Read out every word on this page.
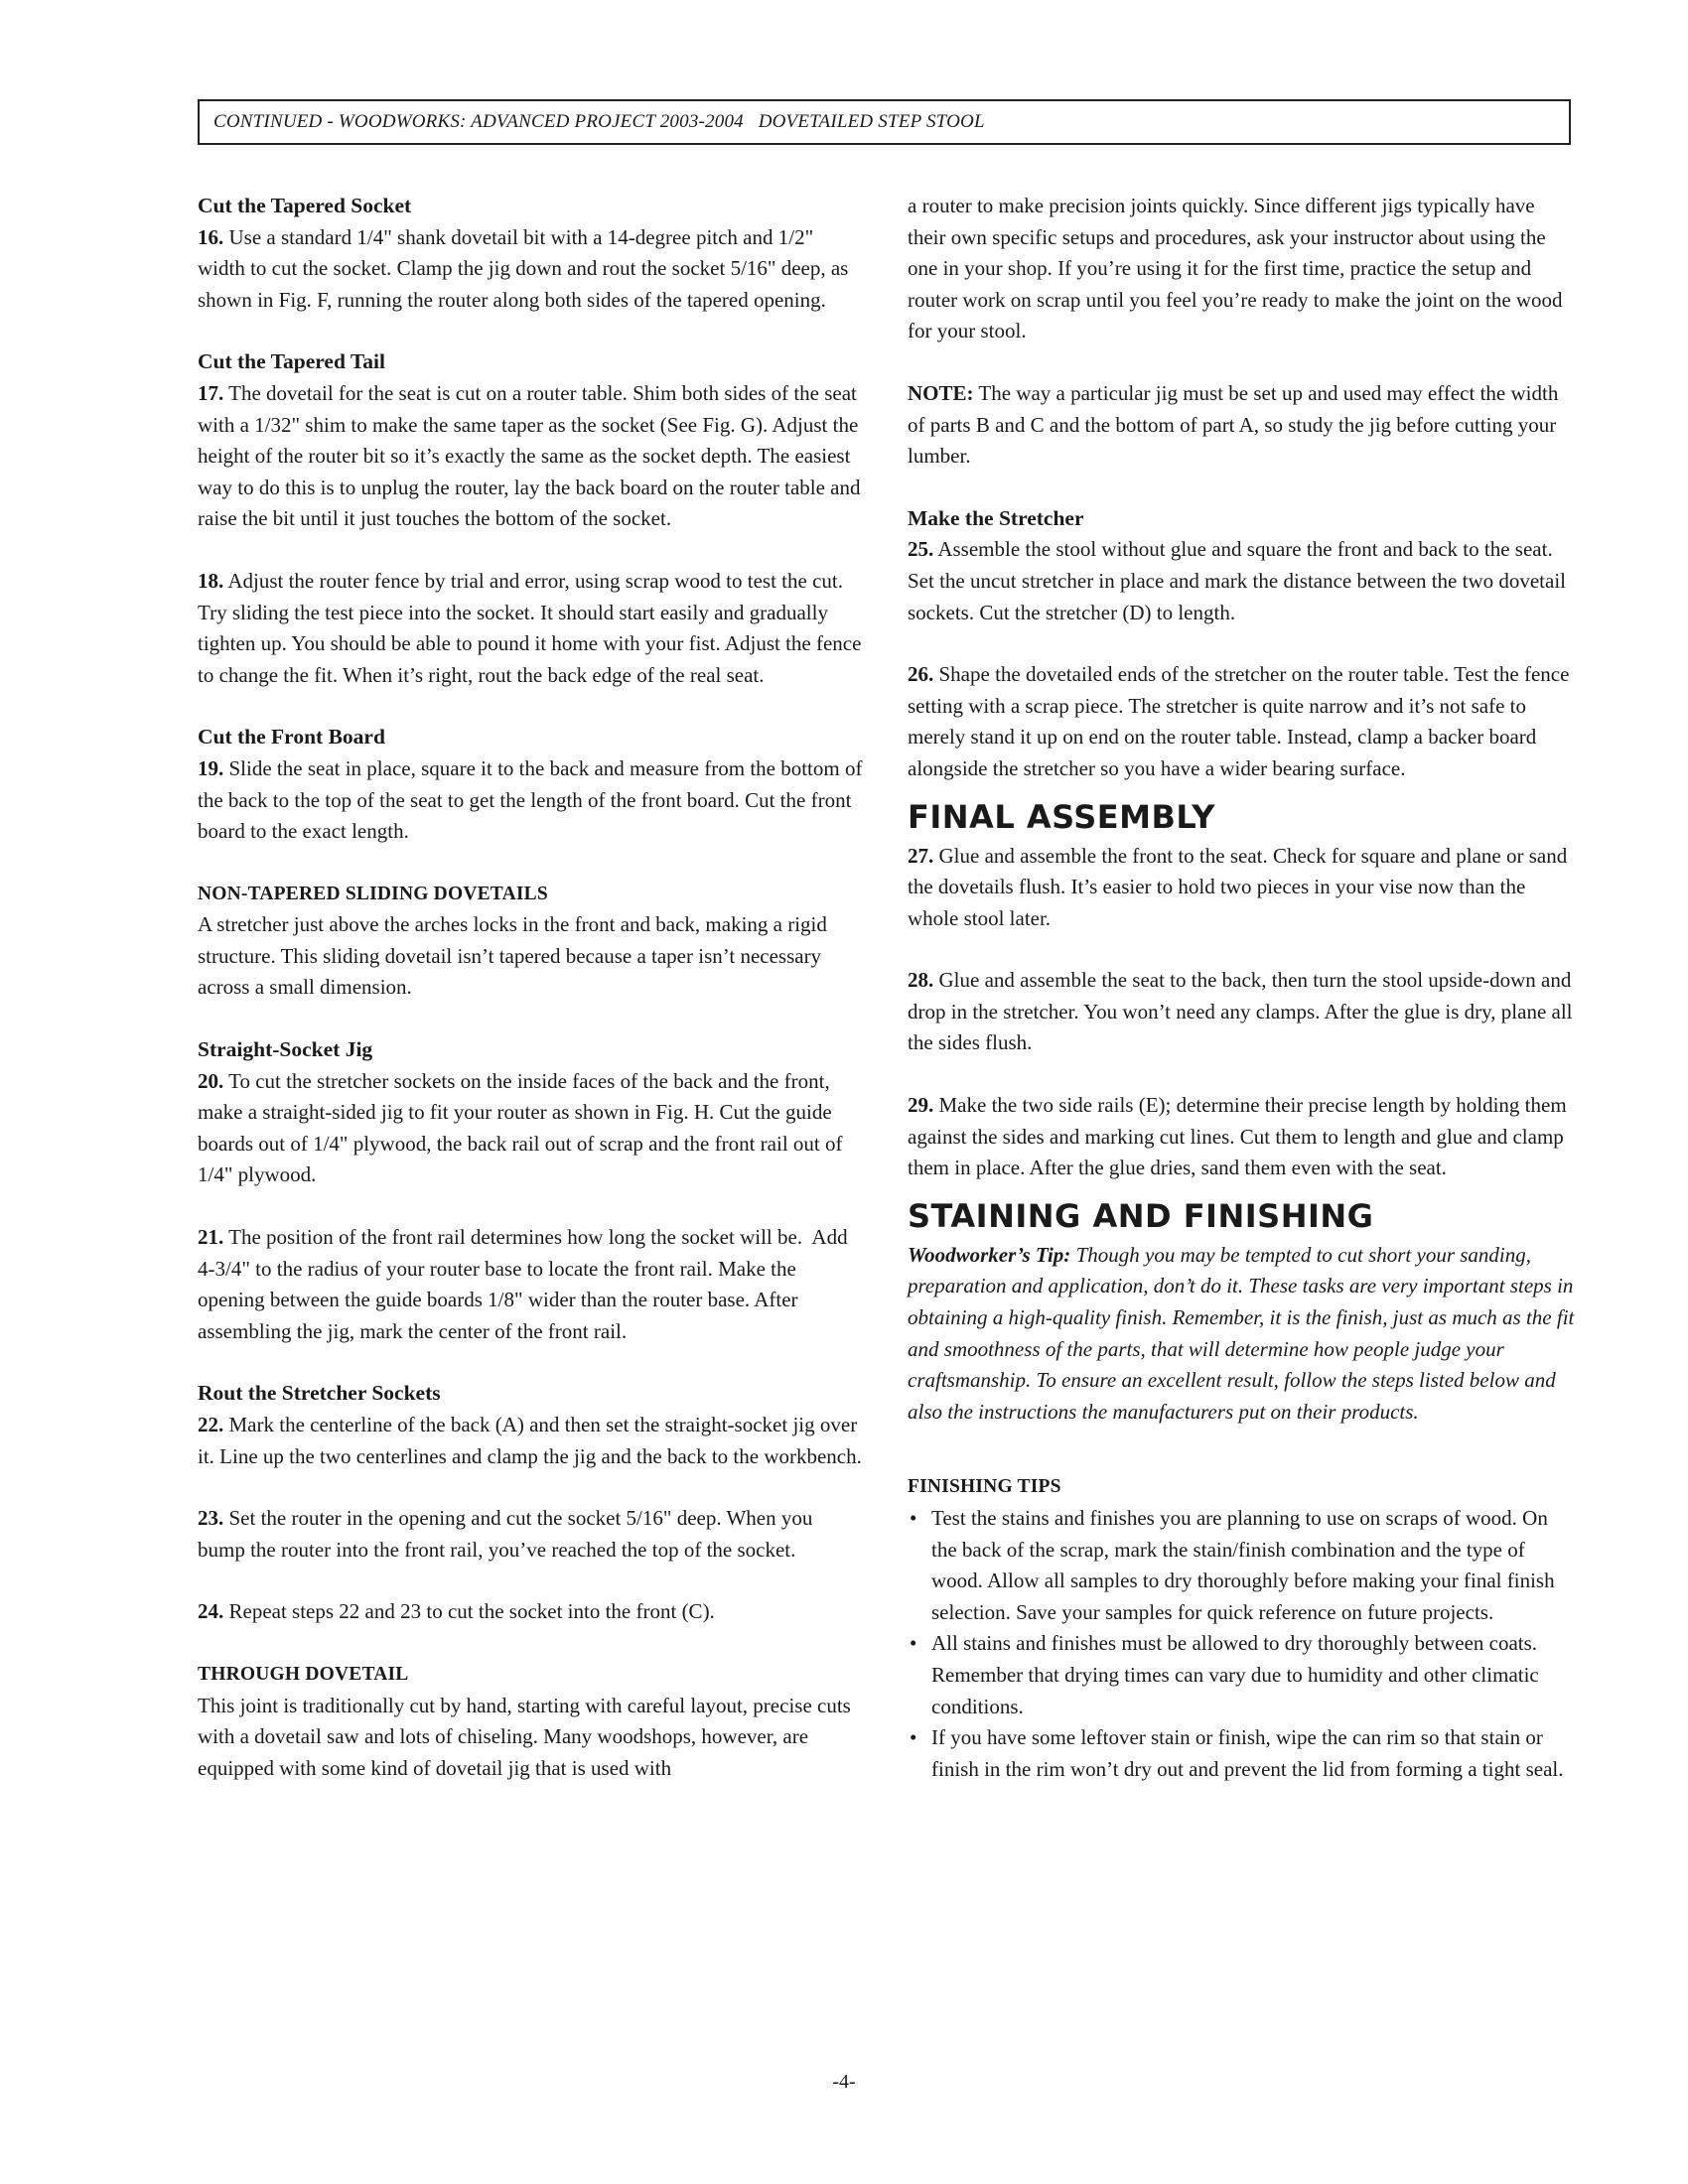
CONTINUED - WOODWORKS: ADVANCED PROJECT 2003-2004   DOVETAILED STEP STOOL
Cut the Tapered Socket

16. Use a standard 1/4" shank dovetail bit with a 14-degree pitch and 1/2" width to cut the socket. Clamp the jig down and rout the socket 5/16" deep, as shown in Fig. F, running the router along both sides of the tapered opening.

Cut the Tapered Tail

17. The dovetail for the seat is cut on a router table. Shim both sides of the seat with a 1/32" shim to make the same taper as the socket (See Fig. G). Adjust the height of the router bit so it’s exactly the same as the socket depth. The easiest way to do this is to unplug the router, lay the back board on the router table and raise the bit until it just touches the bottom of the socket.

18. Adjust the router fence by trial and error, using scrap wood to test the cut. Try sliding the test piece into the socket. It should start easily and gradually tighten up. You should be able to pound it home with your fist. Adjust the fence to change the fit. When it’s right, rout the back edge of the real seat.

Cut the Front Board

19. Slide the seat in place, square it to the back and measure from the bottom of the back to the top of the seat to get the length of the front board. Cut the front board to the exact length.

NON-TAPERED SLIDING DOVETAILS

A stretcher just above the arches locks in the front and back, making a rigid structure. This sliding dovetail isn’t tapered because a taper isn’t necessary across a small dimension.

Straight-Socket Jig

20. To cut the stretcher sockets on the inside faces of the back and the front, make a straight-sided jig to fit your router as shown in Fig. H. Cut the guide boards out of 1/4" plywood, the back rail out of scrap and the front rail out of 1/4" plywood.

21. The position of the front rail determines how long the socket will be.  Add 4-3/4" to the radius of your router base to locate the front rail. Make the opening between the guide boards 1/8" wider than the router base. After assembling the jig, mark the center of the front rail.

Rout the Stretcher Sockets

22. Mark the centerline of the back (A) and then set the straight-socket jig over it. Line up the two centerlines and clamp the jig and the back to the workbench.

23. Set the router in the opening and cut the socket 5/16" deep. When you bump the router into the front rail, you’ve reached the top of the socket.

24. Repeat steps 22 and 23 to cut the socket into the front (C).

THROUGH DOVETAIL

This joint is traditionally cut by hand, starting with careful layout, precise cuts with a dovetail saw and lots of chiseling. Many woodshops, however, are equipped with some kind of dovetail jig that is used with

a router to make precision joints quickly. Since different jigs typically have their own specific setups and procedures, ask your instructor about using the one in your shop. If you’re using it for the first time, practice the setup and router work on scrap until you feel you’re ready to make the joint on the wood for your stool.

NOTE: The way a particular jig must be set up and used may effect the width of parts B and C and the bottom of part A, so study the jig before cutting your lumber.

Make the Stretcher

25. Assemble the stool without glue and square the front and back to the seat. Set the uncut stretcher in place and mark the distance between the two dovetail sockets. Cut the stretcher (D) to length.

26. Shape the dovetailed ends of the stretcher on the router table. Test the fence setting with a scrap piece. The stretcher is quite narrow and it’s not safe to merely stand it up on end on the router table. Instead, clamp a backer board alongside the stretcher so you have a wider bearing surface.

FINAL ASSEMBLY

27. Glue and assemble the front to the seat. Check for square and plane or sand the dovetails flush. It’s easier to hold two pieces in your vise now than the whole stool later.

28. Glue and assemble the seat to the back, then turn the stool upside-down and drop in the stretcher. You won’t need any clamps. After the glue is dry, plane all the sides flush.

29. Make the two side rails (E); determine their precise length by holding them against the sides and marking cut lines. Cut them to length and glue and clamp them in place. After the glue dries, sand them even with the seat.

STAINING AND FINISHING

Woodworker’s Tip: Though you may be tempted to cut short your sanding, preparation and application, don’t do it. These tasks are very important steps in obtaining a high-quality finish. Remember, it is the finish, just as much as the fit and smoothness of the parts, that will determine how people judge your craftsmanship. To ensure an excellent result, follow the steps listed below and also the instructions the manufacturers put on their products.

FINISHING TIPS
• Test the stains and finishes you are planning to use on scraps of wood. On the back of the scrap, mark the stain/finish combination and the type of wood. Allow all samples to dry thoroughly before making your final finish selection. Save your samples for quick reference on future projects.
• All stains and finishes must be allowed to dry thoroughly between coats. Remember that drying times can vary due to humidity and other climatic conditions.
• If you have some leftover stain or finish, wipe the can rim so that stain or finish in the rim won’t dry out and prevent the lid from forming a tight seal.
-4-
